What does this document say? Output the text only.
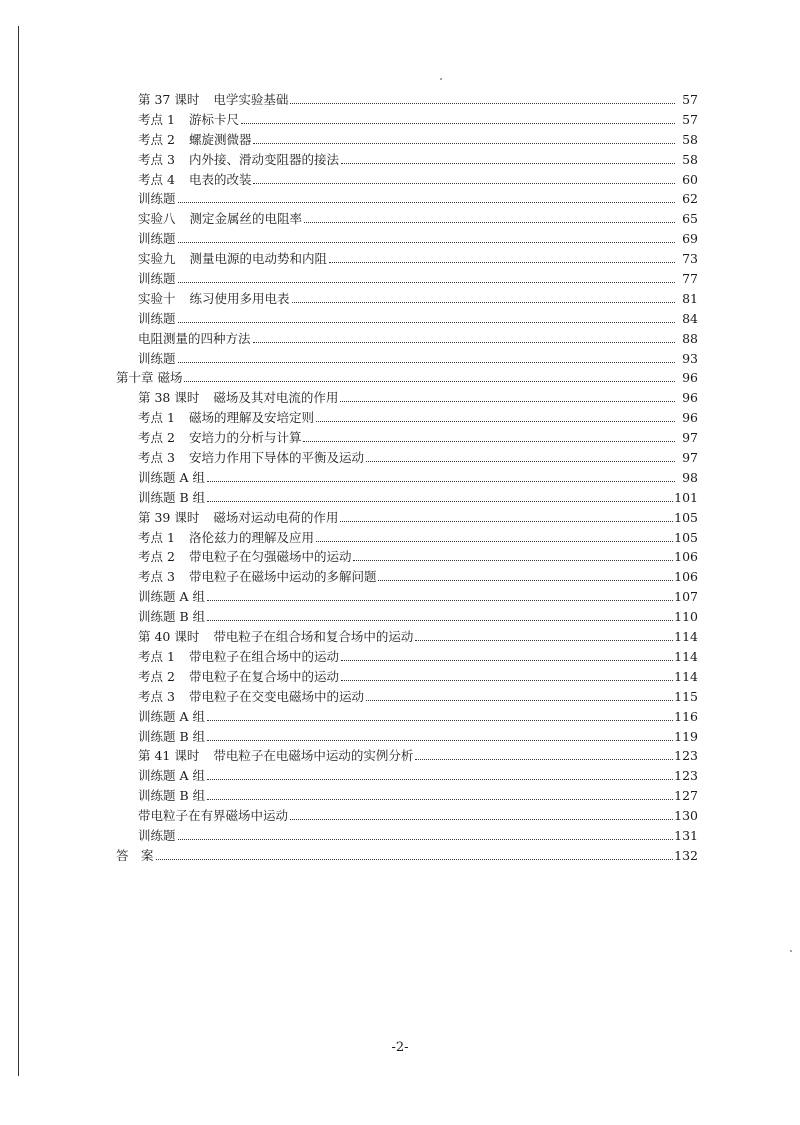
第 37 课时 电学实验基础	57
考点 1 游标卡尺	57
考点 2 螺旋测微器	58
考点 3 内外接、滑动变阻器的接法	58
考点 4 电表的改装	60
训练题	62
实验八 测定金属丝的电阻率	65
训练题	69
实验九 测量电源的电动势和内阻	73
训练题	77
实验十 练习使用多用电表	81
训练题	84
电阻测量的四种方法	88
训练题	93
第十章 磁场	96
第 38 课时 磁场及其对电流的作用	96
考点 1 磁场的理解及安培定则	96
考点 2 安培力的分析与计算	97
考点 3 安培力作用下导体的平衡及运动	97
训练题 A 组	98
训练题 B 组	101
第 39 课时 磁场对运动电荷的作用	105
考点 1 洛伦兹力的理解及应用	105
考点 2 带电粒子在匀强磁场中的运动	106
考点 3 带电粒子在磁场中运动的多解问题	106
训练题 A 组	107
训练题 B 组	110
第 40 课时 带电粒子在组合场和复合场中的运动	114
考点 1 带电粒子在组合场中的运动	114
考点 2 带电粒子在复合场中的运动	114
考点 3 带电粒子在交变电磁场中的运动	115
训练题 A 组	116
训练题 B 组	119
第 41 课时 带电粒子在电磁场中运动的实例分析	123
训练题 A 组	123
训练题 B 组	127
带电粒子在有界磁场中运动	130
训练题	131
答　案	132
-2-
